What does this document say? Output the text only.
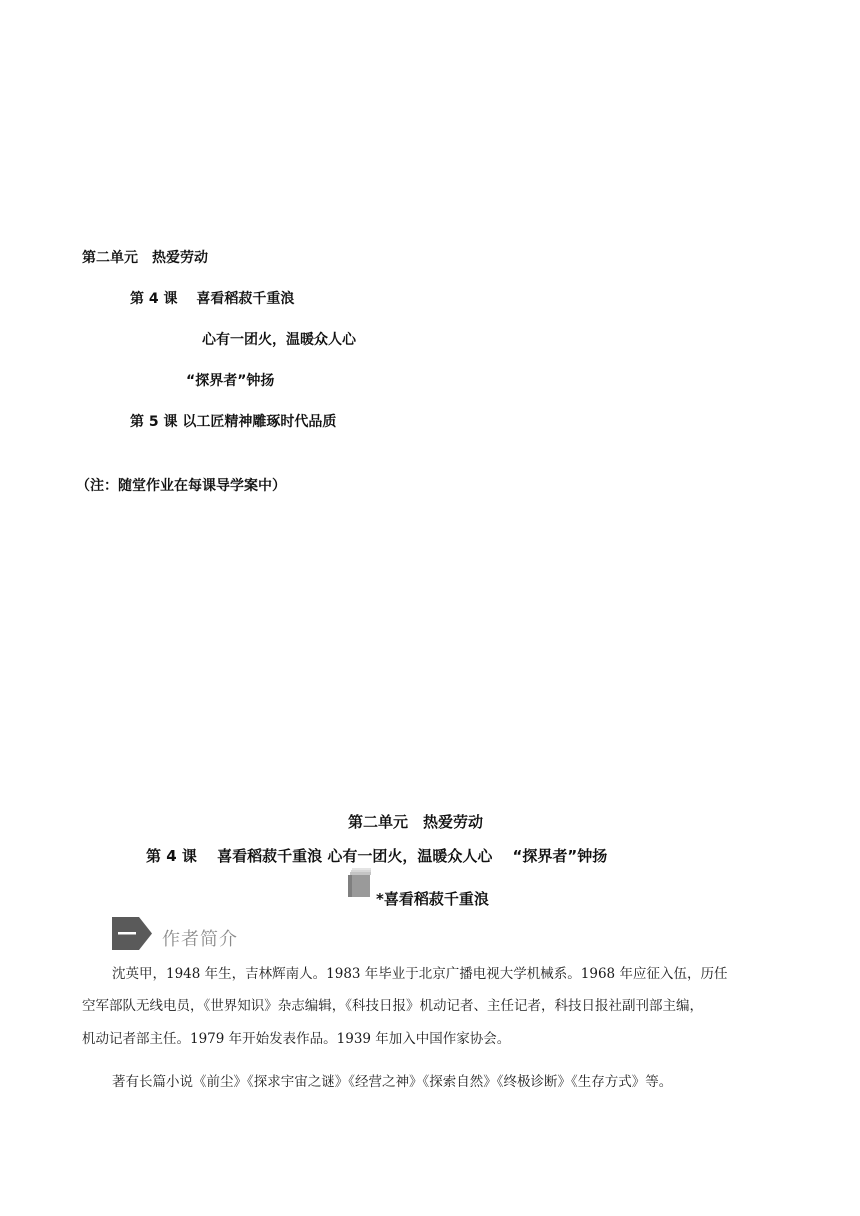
第二单元　热爱劳动
第 4 课　 喜看稻菽千重浪
心有一团火，温暖众人心
“探界者”钟扬
第 5 课 以工匠精神雕琢时代品质
（注：随堂作业在每课导学案中）
第二单元　热爱劳动
第 4 课　 喜看稻菽千重浪 心有一团火，温暖众人心　 “探界者”钟扬
*喜看稻菽千重浪
作者简介
沈英甲，1948 年生，吉林辉南人。1983 年毕业于北京广播电视大学机械系。1968 年应征入伍，历任
空军部队无线电员，《世界知识》杂志编辑，《科技日报》机动记者、主任记者，科技日报社副刊部主编，
机动记者部主任。1979 年开始发表作品。1939 年加入中国作家协会。
著有长篇小说《前尘》《探求宇宙之谜》《经营之神》《探索自然》《终极诊断》《生存方式》等。
